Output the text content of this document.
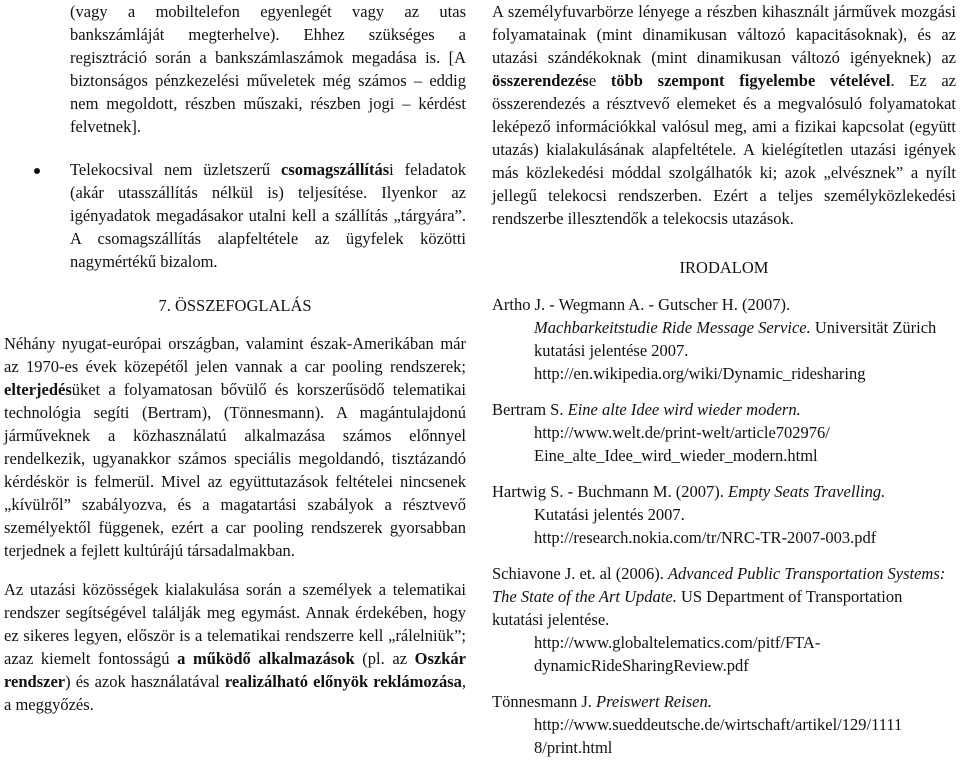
(vagy a mobiltelefon egyenlegét vagy az utas bankszámláját megterhelve). Ehhez szükséges a regisztráció során a bankszámlaszámok megadása is. [A biztonságos pénzkezelési műveletek még számos – eddig nem megoldott, részben műszaki, részben jogi – kérdést felvetnek].

Telekocsival nem üzletszerű csomagszállítási feladatok (akár utasszállítás nélkül is) teljesítése. Ilyenkor az igényadatok megadásakor utalni kell a szállítás „tárgyára”. A csomagszállítás alapfeltétele az ügyfelek közötti nagymértékű bizalom.

7. ÖSSZEFOGLALÁS

Néhány nyugat-európai országban, valamint észak-Amerikában már az 1970-es évek közepétől jelen vannak a car pooling rendszerek; elterjedésüket a folyamatosan bővülő és korszerűsödő telematikai technológia segíti (Bertram), (Tönnesmann). A magántulajdonú járműveknek a közhasználatú alkalmazása számos előnnyel rendelkezik, ugyanakkor számos speciális megoldandó, tisztázandó kérdéskör is felmerül. Mivel az együttutazások feltételei nincsenek „kívülről” szabályozva, és a magatartási szabályok a résztvevő személyektől függenek, ezért a car pooling rendszerek gyorsabban terjednek a fejlett kultúrájú társadalmakban.

Az utazási közösségek kialakulása során a személyek a telematikai rendszer segítségével találják meg egymást. Annak érdekében, hogy ez sikeres legyen, először is a telematikai rendszerre kell „rálelniük”; azaz kiemelt fontosságú a működő alkalmazások (pl. az Oszkár rendszer) és azok használatával realizálható előnyök reklámozása, a meggyőzés.

A személyfuvarbörze lényege a részben kihasznált járművek mozgási folyamatainak (mint dinamikusan változó kapacitásoknak), és az utazási szándékoknak (mint dinamikusan változó igényeknek) az összerendezése több szempont figyelembe vételével. Ez az összerendezés a résztvevő elemeket és a megvalósuló folyamatokat leképező információkkal valósul meg, ami a fizikai kapcsolat (együtt utazás) kialakulásának alapfeltétele. A kielégítetlen utazási igények más közlekedési móddal szolgálhatók ki; azok „elvésznek” a nyílt jellegű telekocsi rendszerben. Ezért a teljes személyközlekedési rendszerbe illesztendők a telekocsis utazások.

IRODALOM
Artho J. - Wegmann A. - Gutscher H. (2007).
Machbarkeitstudie Ride Message Service. Universität Zürich kutatási jelentése 2007.
http://en.wikipedia.org/wiki/Dynamic_ridesharing
Bertram S. Eine alte Idee wird wieder modern.
http://www.welt.de/print-welt/article702976/
Eine_alte_Idee_wird_wieder_modern.html
Hartwig S. - Buchmann M. (2007). Empty Seats Travelling.
Kutatási jelentés 2007.
http://research.nokia.com/tr/NRC-TR-2007-003.pdf
Schiavone J. et. al (2006). Advanced Public Transportation Systems: The State of the Art Update. US Department of Transportation kutatási jelentése.
http://www.globaltelematics.com/pitf/FTA-
dynamicRideSharingReview.pdf
Tönnesmann J. Preiswert Reisen.
http://www.sueddeutsche.de/wirtschaft/artikel/129/1111
8/print.html
